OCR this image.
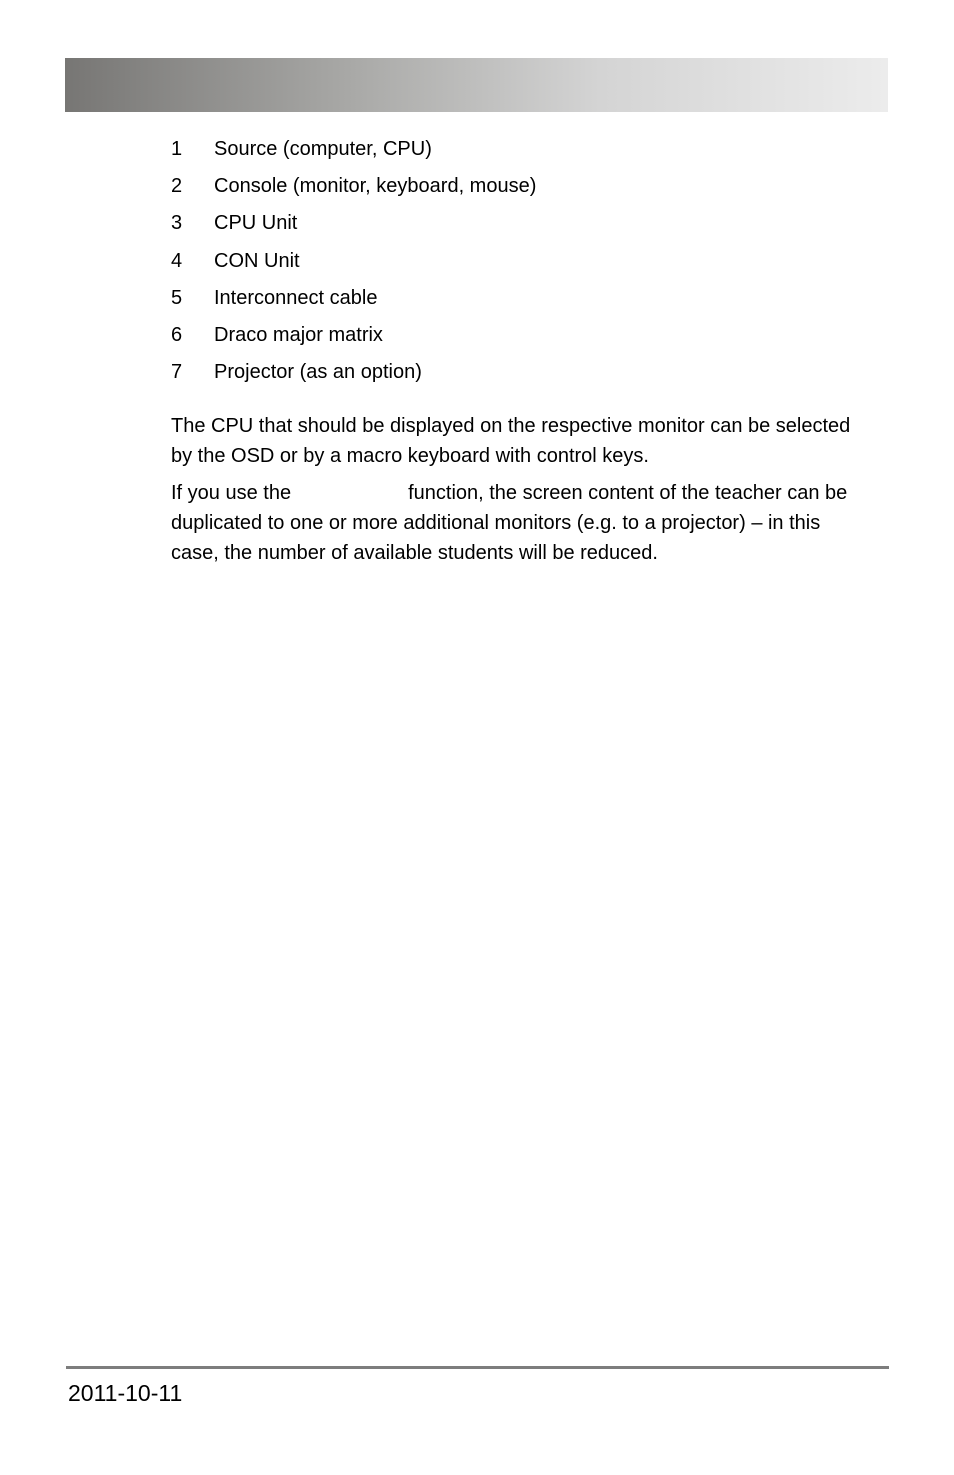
1 Source (computer, CPU)
2 Console (monitor, keyboard, mouse)
3 CPU Unit
4 CON Unit
5 Interconnect cable
6 Draco major matrix
7 Projector (as an option)

The CPU that should be displayed on the respective monitor can be selected by the OSD or by a macro keyboard with control keys.

If you use the	function, the screen content of the teacher can be duplicated to one or more additional monitors (e.g. to a projector) – in this case, the number of available students will be reduced.

2011-10-11
